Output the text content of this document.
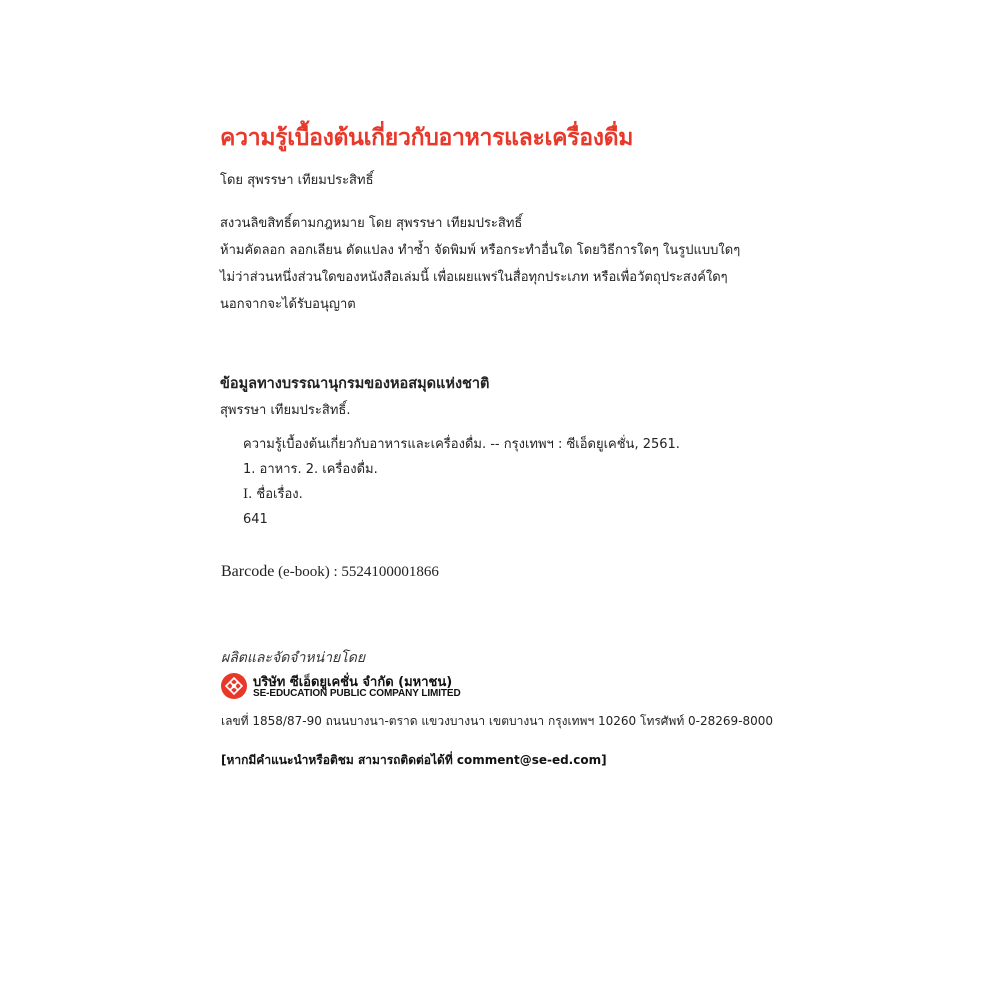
ความรู้เบื้องต้นเกี่ยวกับอาหารและเครื่องดื่ม
โดย สุพรรษา เทียมประสิทธิ์
สงวนลิขสิทธิ์ตามกฎหมาย โดย สุพรรษา เทียมประสิทธิ์
ห้ามคัดลอก ลอกเลียน ดัดแปลง ทำซ้ำ จัดพิมพ์ หรือกระทำอื่นใด โดยวิธีการใดๆ ในรูปแบบใดๆ
ไม่ว่าส่วนหนึ่งส่วนใดของหนังสือเล่มนี้ เพื่อเผยแพร่ในสื่อทุกประเภท หรือเพื่อวัตถุประสงค์ใดๆ
นอกจากจะได้รับอนุญาต
ข้อมูลทางบรรณานุกรมของหอสมุดแห่งชาติ
สุพรรษา เทียมประสิทธิ์.
ความรู้เบื้องต้นเกี่ยวกับอาหารและเครื่องดื่ม. -- กรุงเทพฯ : ซีเอ็ดยูเคชั่น, 2561.
1. อาหาร. 2. เครื่องดื่ม.
I. ชื่อเรื่อง.
641
Barcode (e-book) : 5524100001866
ผลิตและจัดจำหน่ายโดย
บริษัท ซีเอ็ดยูเคชั่น จำกัด (มหาชน)
SE-EDUCATION PUBLIC COMPANY LIMITED
เลขที่ 1858/87-90 ถนนบางนา-ตราด แขวงบางนา เขตบางนา กรุงเทพฯ 10260 โทรศัพท์ 0-28269-8000
[หากมีคำแนะนำหรือติชม สามารถติดต่อได้ที่ comment@se-ed.com]
